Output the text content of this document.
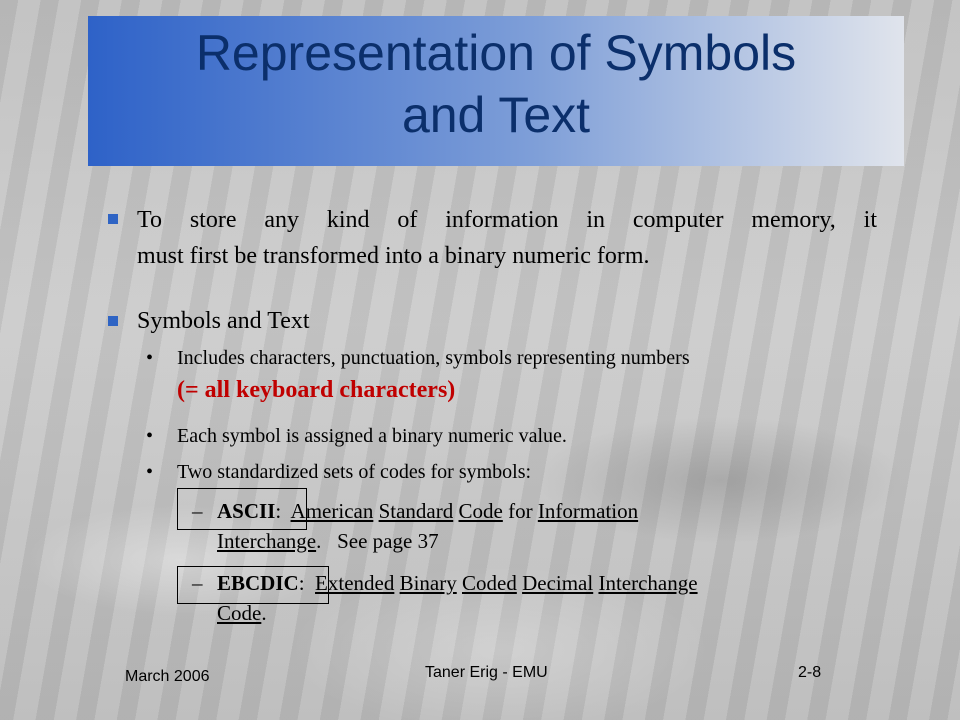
Representation of Symbols
and Text
To store any kind of information in computer memory, it
must first be transformed into a binary numeric form.
Symbols and Text
• Includes characters, punctuation, symbols representing numbers
(= all keyboard characters)
• Each symbol is assigned a binary numeric value.
• Two standardized sets of codes for symbols:
– ASCII: American Standard Code for Information
Interchange.   See page 37
– EBCDIC: Extended Binary Coded Decimal Interchange
Code.
March 2006	Taner Erig - EMU	2-8
